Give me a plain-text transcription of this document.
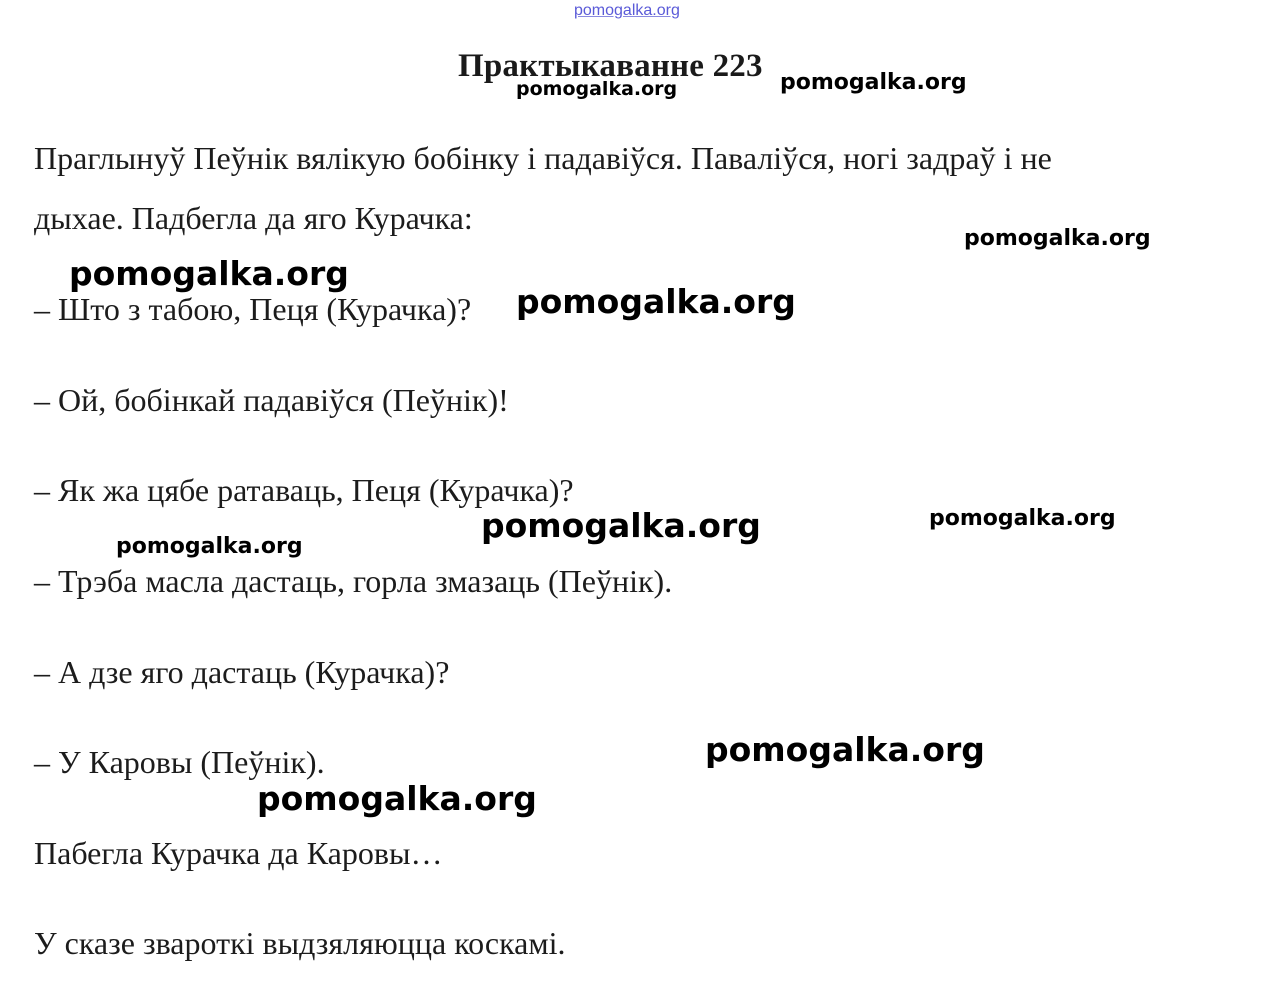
pomogalka.org
Практыкаванне 223
Праглынуў Пеўнік вялікую бобінку і падавіўся. Паваліўся, ногі задраў і не
дыхае. Падбегла да яго Курачка:
– Што з табою, Пеця (Курачка)?
– Ой, бобінкай падавіўся (Пеўнік)!
– Як жа цябе ратаваць, Пеця (Курачка)?
– Трэба масла дастаць, горла змазаць (Пеўнік).
– А дзе яго дастаць (Курачка)?
– У Каровы (Пеўнік).
Пабегла Курачка да Каровы…
У сказе звароткі выдзяляюцца коскамі.
pomogalka.org	pomogalka.org
pomogalka.org
pomogalka.org
pomogalka.org
pomogalka.org	pomogalka.org
pomogalka.org
pomogalka.org
pomogalka.org
